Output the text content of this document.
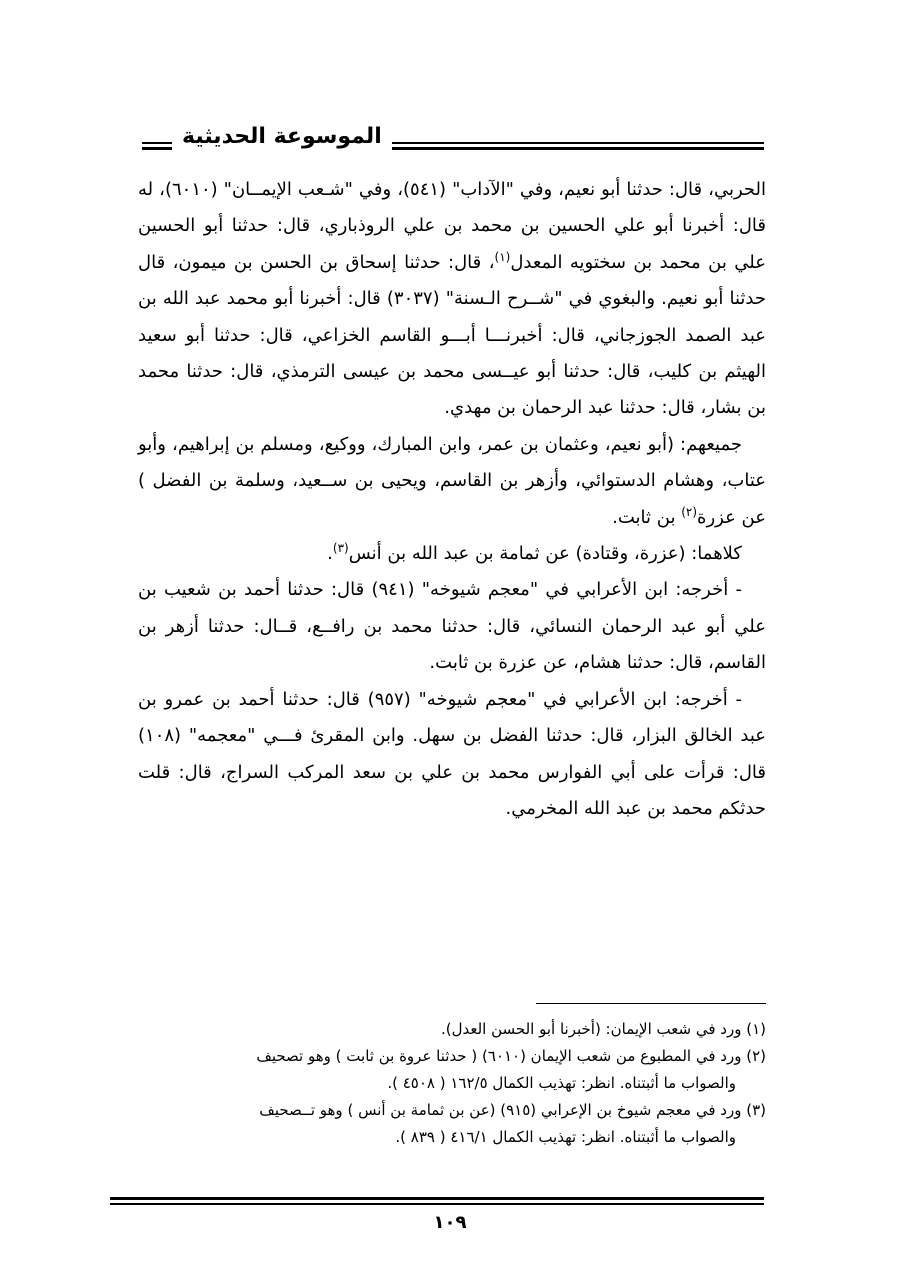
الموسوعة الحديثية

الحربي، قال: حدثنا أبو نعيم، وفي "الآداب" (٥٤١)، وفي "شـعب الإيمــان" (٦٠١٠)، له قال: أخبرنا أبو علي الحسين بن محمد بن علي الروذباري، قال: حدثنا أبو الحسين علي بن محمد بن سختويه المعدل$^{(١)}$، قال: حدثنا إسحاق بن الحسن بن ميمون، قال حدثنا أبو نعيم. والبغوي في "شــرح الـسنة" (٣٠٣٧) قال: أخبرنا أبو محمد عبد الله بن عبد الصمد الجوزجاني، قال: أخبرنـــا أبـــو القاسم الخزاعي، قال: حدثنا أبو سعيد الهيثم بن كليب، قال: حدثنا أبو عيــسى محمد بن عيسى الترمذي، قال: حدثنا محمد بن بشار، قال: حدثنا عبد الرحمان بن مهدي.

جميعهم: (أبو نعيم، وعثمان بن عمر، وابن المبارك، ووكيع، ومسلم بن إبراهيم، وأبو عتاب، وهشام الدستوائي، وأزهر بن القاسم، ويحيى بن ســعيد، وسلمة بن الفضل ) عن عزرة$^{(٢)}$ بن ثابت.

كلاهما: (عزرة، وقتادة) عن ثمامة بن عبد الله بن أنس$^{(٣)}$.

- أخرجه: ابن الأعرابي في "معجم شيوخه" (٩٤١) قال: حدثنا أحمد بن شعيب بن علي أبو عبد الرحمان النسائي، قال: حدثنا محمد بن رافــع، قــال: حدثنا أزهر بن القاسم، قال: حدثنا هشام، عن عزرة بن ثابت.

- أخرجه: ابن الأعرابي في "معجم شيوخه" (٩٥٧) قال: حدثنا أحمد بن عمرو بن عبد الخالق البزار، قال: حدثنا الفضل بن سهل. وابن المقرئ فـــي "معجمه" (١٠٨) قال: قرأت على أبي الفوارس محمد بن علي بن سعد المركب السراج، قال: قلت حدثكم محمد بن عبد الله المخرمي.

(١) ورد في شعب الإيمان: (أخبرنا أبو الحسن العدل).

(٢) ورد في المطبوع من شعب الإيمان (٦٠١٠) ( حدثنا عروة بن ثابت ) وهو تصحيف

والصواب ما أثبتناه. انظر: تهذيب الكمال ١٦٢/٥ ( ٤٥٠٨ ).

(٣) ورد في معجم شيوخ بن الإعرابي (٩١٥) (عن بن ثمامة بن أنس ) وهو تــصحيف

والصواب ما أثبتناه. انظر: تهذيب الكمال ٤١٦/١ ( ٨٣٩ ).

١٠٩
